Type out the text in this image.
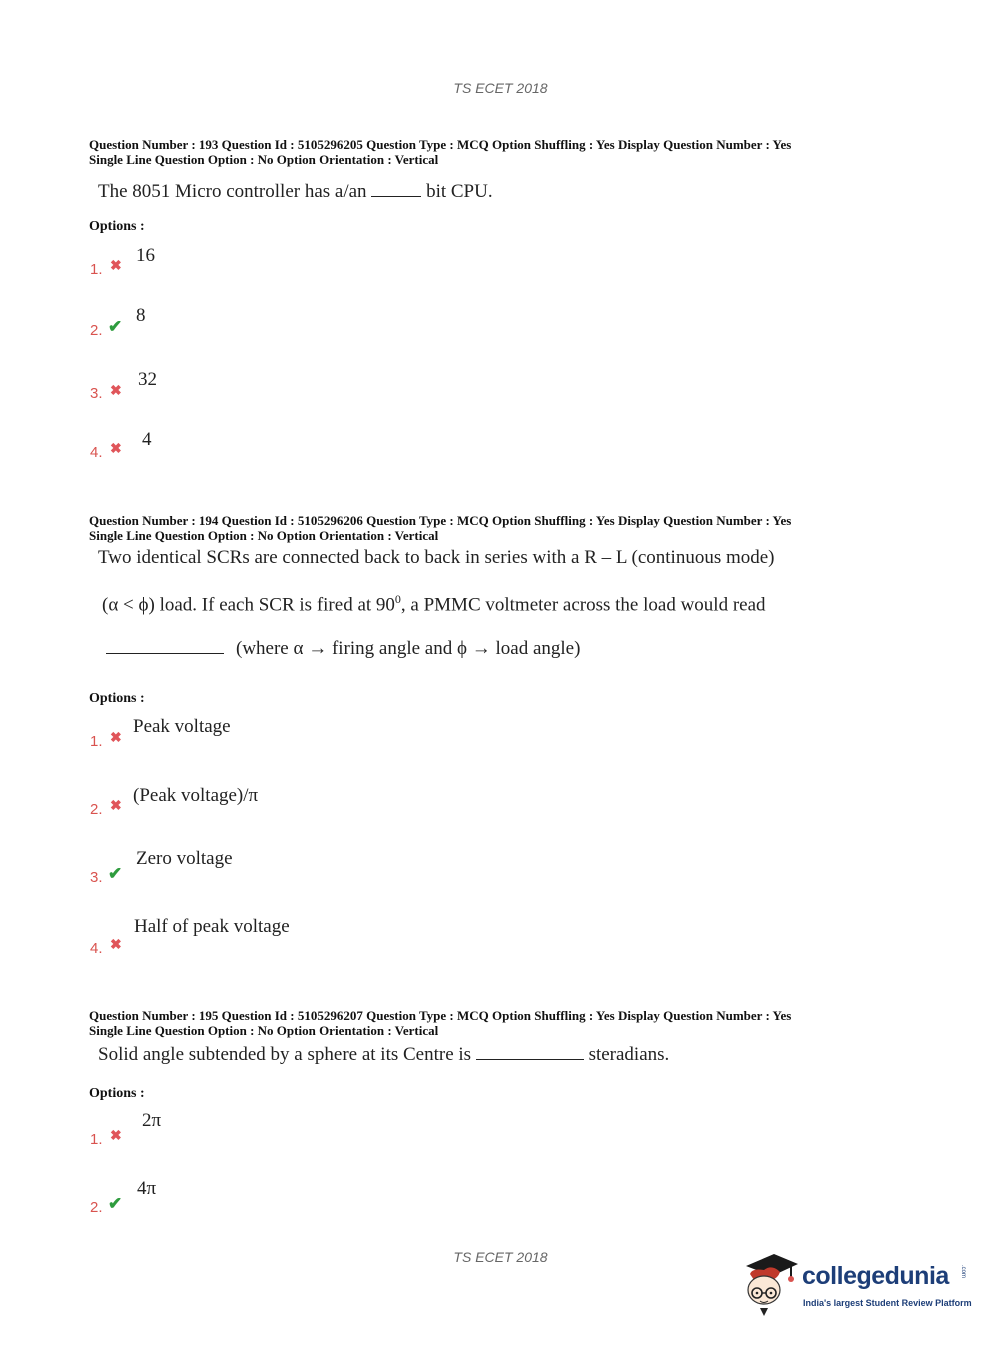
TS ECET 2018
Question Number : 193 Question Id : 5105296205 Question Type : MCQ Option Shuffling : Yes Display Question Number : Yes
Single Line Question Option : No Option Orientation : Vertical
The 8051 Micro controller has a/an	bit CPU.
Options :
1. ✖
16
2. ✔
8
3. ✖
32
4. ✖ 4
Question Number : 194 Question Id : 5105296206 Question Type : MCQ Option Shuffling : Yes Display Question Number : Yes
Single Line Question Option : No Option Orientation : Vertical
Two identical SCRs are connected back to back in series with a R – L (continuous mode)
(α < ϕ) load. If each SCR is fired at $90^0$, a PMMC voltmeter across the load would read
(where α → firing angle and ϕ → load angle)
Options :
1. ✖
Peak voltage
2. ✖
(Peak voltage)/π
3. ✔
Zero voltage
4. ✖
Half of peak voltage
Question Number : 195 Question Id : 5105296207 Question Type : MCQ Option Shuffling : Yes Display Question Number : Yes
Single Line Question Option : No Option Orientation : Vertical
Solid angle subtended by a sphere at its Centre is	steradians.
Options :
1. ✖
2π
2. ✔
4π
TS ECET 2018
collegedunia .com
India's largest Student Review Platform
